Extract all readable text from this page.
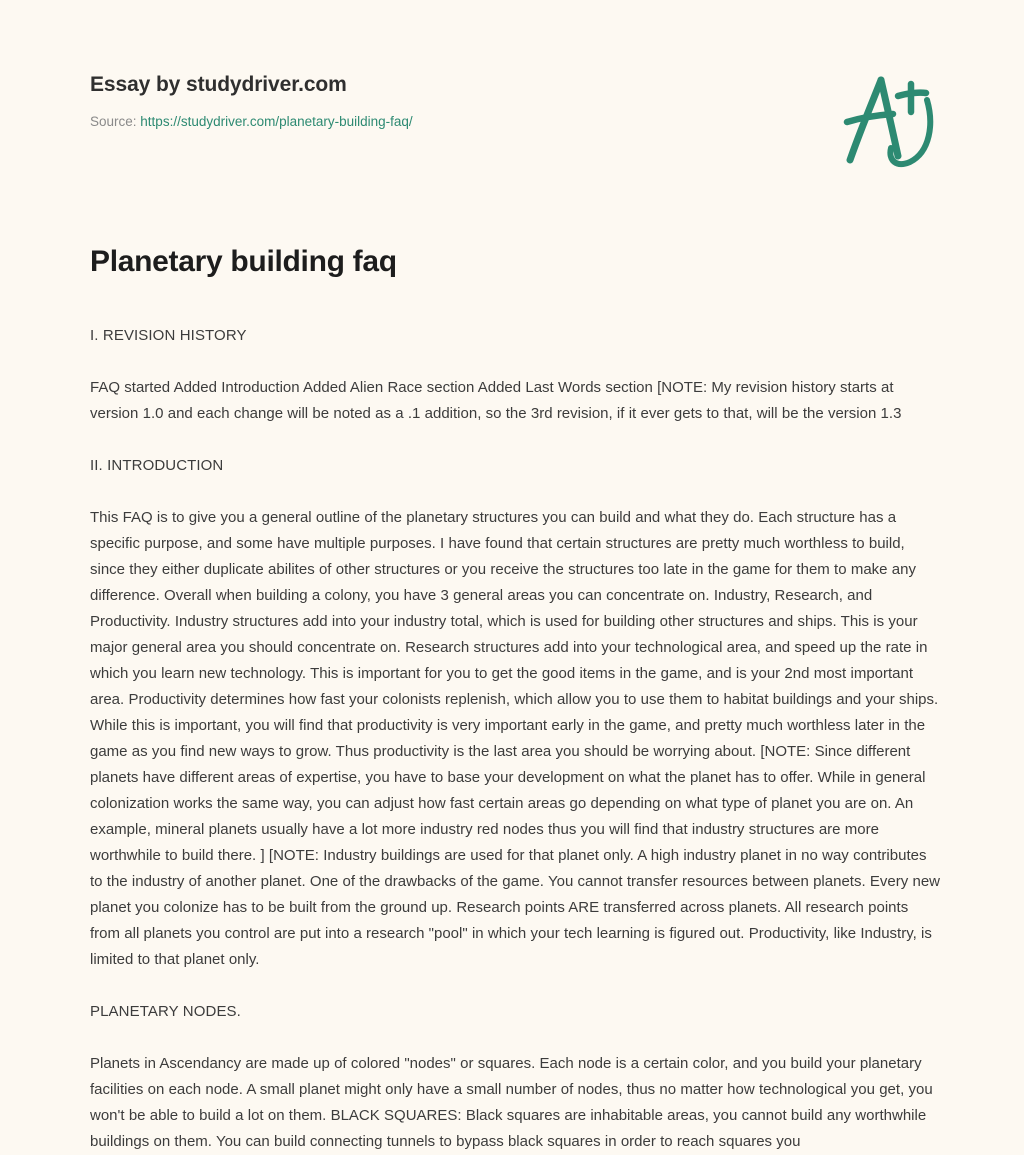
Essay by studydriver.com
Source: https://studydriver.com/planetary-building-faq/
Planetary building faq

I. REVISION HISTORY

FAQ started Added Introduction Added Alien Race section Added Last Words section [NOTE: My revision history starts at version 1.0 and each change will be noted as a .1 addition, so the 3rd revision, if it ever gets to that, will be the version 1.3

II. INTRODUCTION

This FAQ is to give you a general outline of the planetary structures you can build and what they do. Each structure has a specific purpose, and some have multiple purposes. I have found that certain structures are pretty much worthless to build, since they either duplicate abilites of other structures or you receive the structures too late in the game for them to make any difference. Overall when building a colony, you have 3 general areas you can concentrate on. Industry, Research, and Productivity. Industry structures add into your industry total, which is used for building other structures and ships. This is your major general area you should concentrate on. Research structures add into your technological area, and speed up the rate in which you learn new technology. This is important for you to get the good items in the game, and is your 2nd most important area. Productivity determines how fast your colonists replenish, which allow you to use them to habitat buildings and your ships. While this is important, you will find that productivity is very important early in the game, and pretty much worthless later in the game as you find new ways to grow. Thus productivity is the last area you should be worrying about. [NOTE: Since different planets have different areas of expertise, you have to base your development on what the planet has to offer. While in general colonization works the same way, you can adjust how fast certain areas go depending on what type of planet you are on. An example, mineral planets usually have a lot more industry red nodes thus you will find that industry structures are more worthwhile to build there. ] [NOTE: Industry buildings are used for that planet only. A high industry planet in no way contributes to the industry of another planet. One of the drawbacks of the game. You cannot transfer resources between planets. Every new planet you colonize has to be built from the ground up. Research points ARE transferred across planets. All research points from all planets you control are put into a research "pool" in which your tech learning is figured out. Productivity, like Industry, is limited to that planet only.

PLANETARY NODES.

Planets in Ascendancy are made up of colored "nodes" or squares. Each node is a certain color, and you build your planetary facilities on each node. A small planet might only have a small number of nodes, thus no matter how technological you get, you won't be able to build a lot on them. BLACK SQUARES: Black squares are inhabitable areas, you cannot build any worthwhile buildings on them. You can build connecting tunnels to bypass black squares in order to reach squares you
